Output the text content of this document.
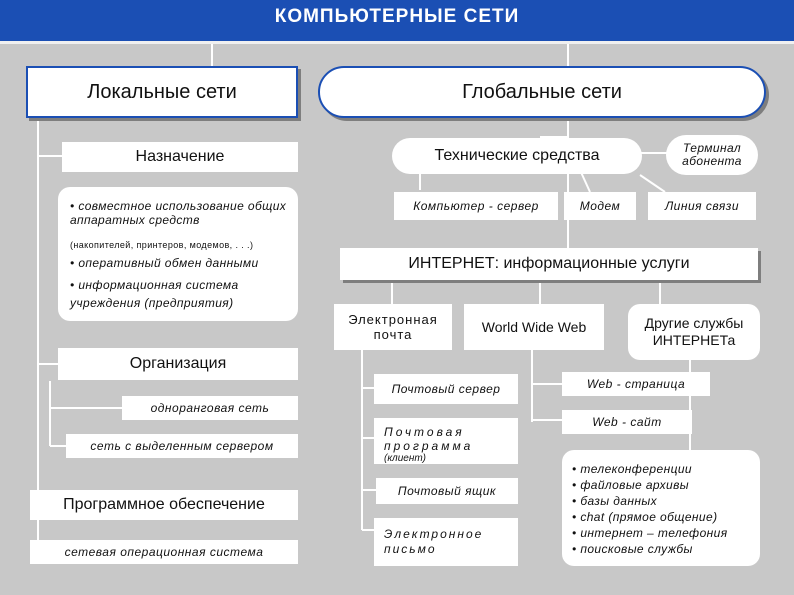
КОМПЬЮТЕРНЫЕ СЕТИ
Локальные сети
Назначение
• совместное использование общих аппаратных средств
(накопителей, принтеров, модемов, . . .)
• оперативный обмен данными
• информационная система учреждения (предприятия)
Организация
одноранговая сеть
сеть с выделенным сервером
Программное обеспечение
сетевая операционная система
Глобальные сети
Терминал абонента
Технические средства
Компьютер - сервер	Модем	Линия связи
ИНТЕРНЕТ: информационные услуги
Электронная почта	World Wide Web	Другие службы ИНТЕРНЕТа
Почтовый сервер
Почтовая программа
(клиент)
Почтовый ящик
Электронное письмо
Web - страница
Web - сайт
• телеконференции
• файловые архивы
• базы данных
• chat (прямое общение)
• интернет – телефония
• поисковые службы
